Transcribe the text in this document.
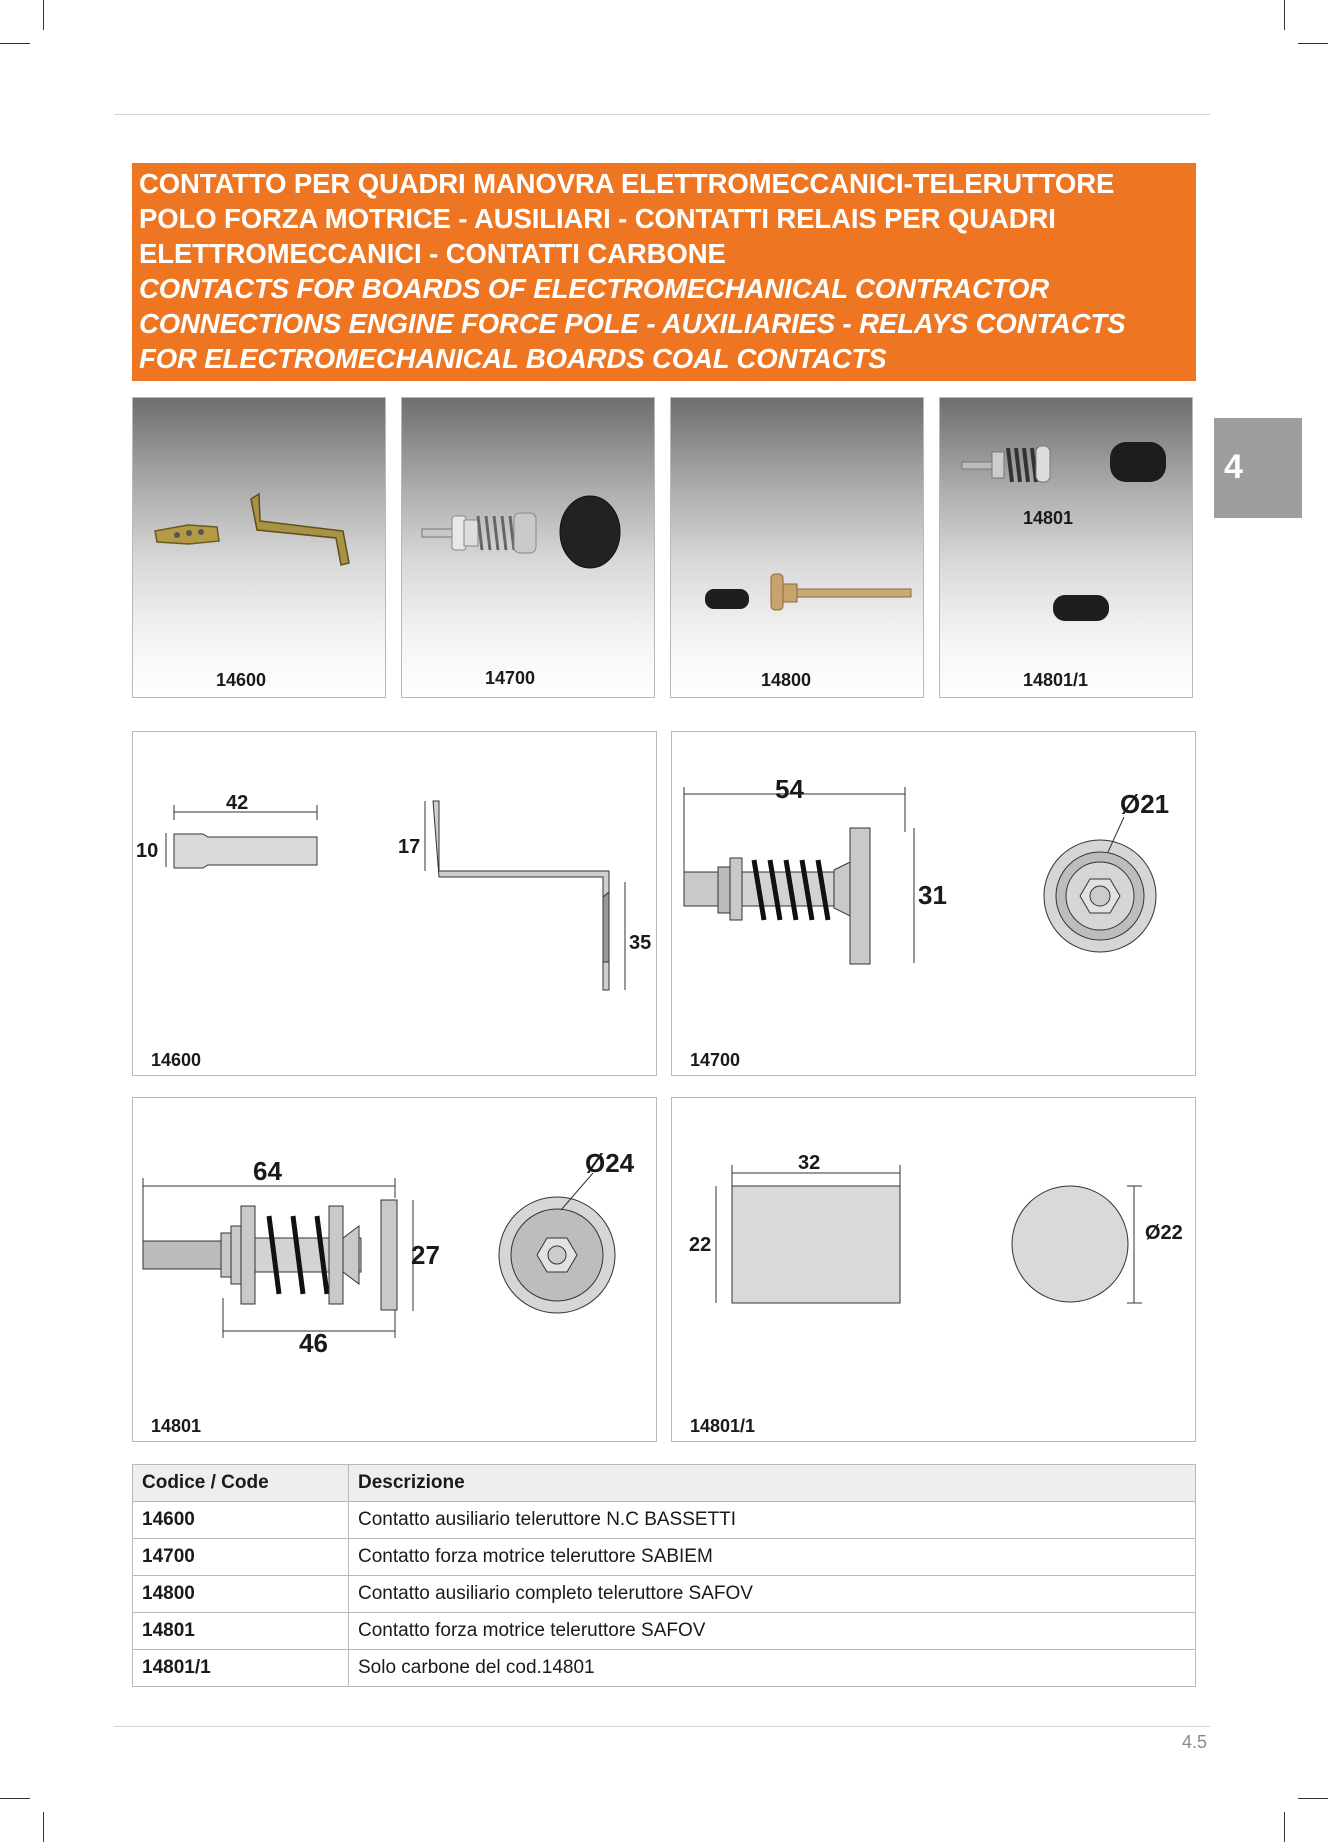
CONTATTO PER QUADRI MANOVRA ELETTROMECCANICI-TELERUTTORE
POLO FORZA MOTRICE - AUSILIARI - CONTATTI RELAIS PER QUADRI
ELETTROMECCANICI - CONTATTI CARBONE
CONTACTS FOR BOARDS OF ELECTROMECHANICAL CONTRACTOR
CONNECTIONS ENGINE FORCE POLE - AUXILIARIES - RELAYS CONTACTS
FOR ELECTROMECHANICAL BOARDS COAL CONTACTS
4
14600	14700	14800
14801
14801/1
42
10	17
35
14600
54
31
Ø21
14700
64
46
27
Ø24
14801
32
22
Ø22
14801/1
Codice / Code	Descrizione
14600	Contatto ausiliario teleruttore N.C BASSETTI
14700	Contatto forza motrice teleruttore SABIEM
14800	Contatto ausiliario completo teleruttore SAFOV
14801	Contatto forza motrice teleruttore SAFOV
14801/1	Solo carbone del cod.14801
4.5
